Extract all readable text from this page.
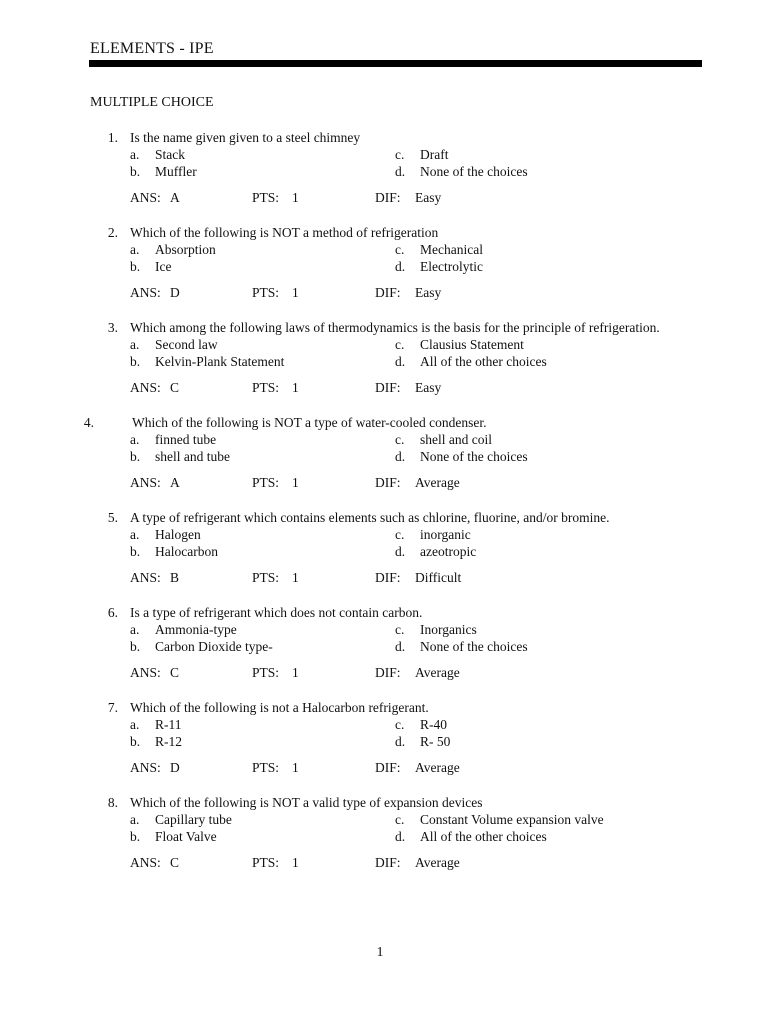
ELEMENTS - IPE
MULTIPLE CHOICE
1. Is the name given given to a steel chimney
a. Stack
b. Muffler
c. Draft
d. None of the choices
ANS: A	PTS: 1	DIF: Easy
2. Which of the following is NOT a method of refrigeration
a. Absorption
b. Ice
c. Mechanical
d. Electrolytic
ANS: D	PTS: 1	DIF: Easy
3. Which among the following laws of thermodynamics is the basis for the principle of refrigeration.
a. Second law
b. Kelvin-Plank Statement
c. Clausius Statement
d. All of the other choices
ANS: C	PTS: 1	DIF: Easy
4.	Which of the following is NOT a type of water-cooled condenser.
a. finned tube
b. shell and tube
c. shell and coil
d. None of the choices
ANS: A	PTS: 1	DIF: Average
5. A type of refrigerant which contains elements such as chlorine, fluorine, and/or bromine.
a. Halogen
b. Halocarbon
c. inorganic
d. azeotropic
ANS: B	PTS: 1	DIF: Difficult
6. Is a type of refrigerant which does not contain carbon.
a. Ammonia-type
b. Carbon Dioxide type-
c. Inorganics
d. None of the choices
ANS: C	PTS: 1	DIF: Average
7. Which of the following is not a Halocarbon refrigerant.
a. R-11
b. R-12
c. R-40
d. R- 50
ANS: D	PTS: 1	DIF: Average
8. Which of the following is NOT a valid type of expansion devices
a. Capillary tube
b. Float Valve
c. Constant Volume expansion valve
d. All of the other choices
ANS: C	PTS: 1	DIF: Average
1
